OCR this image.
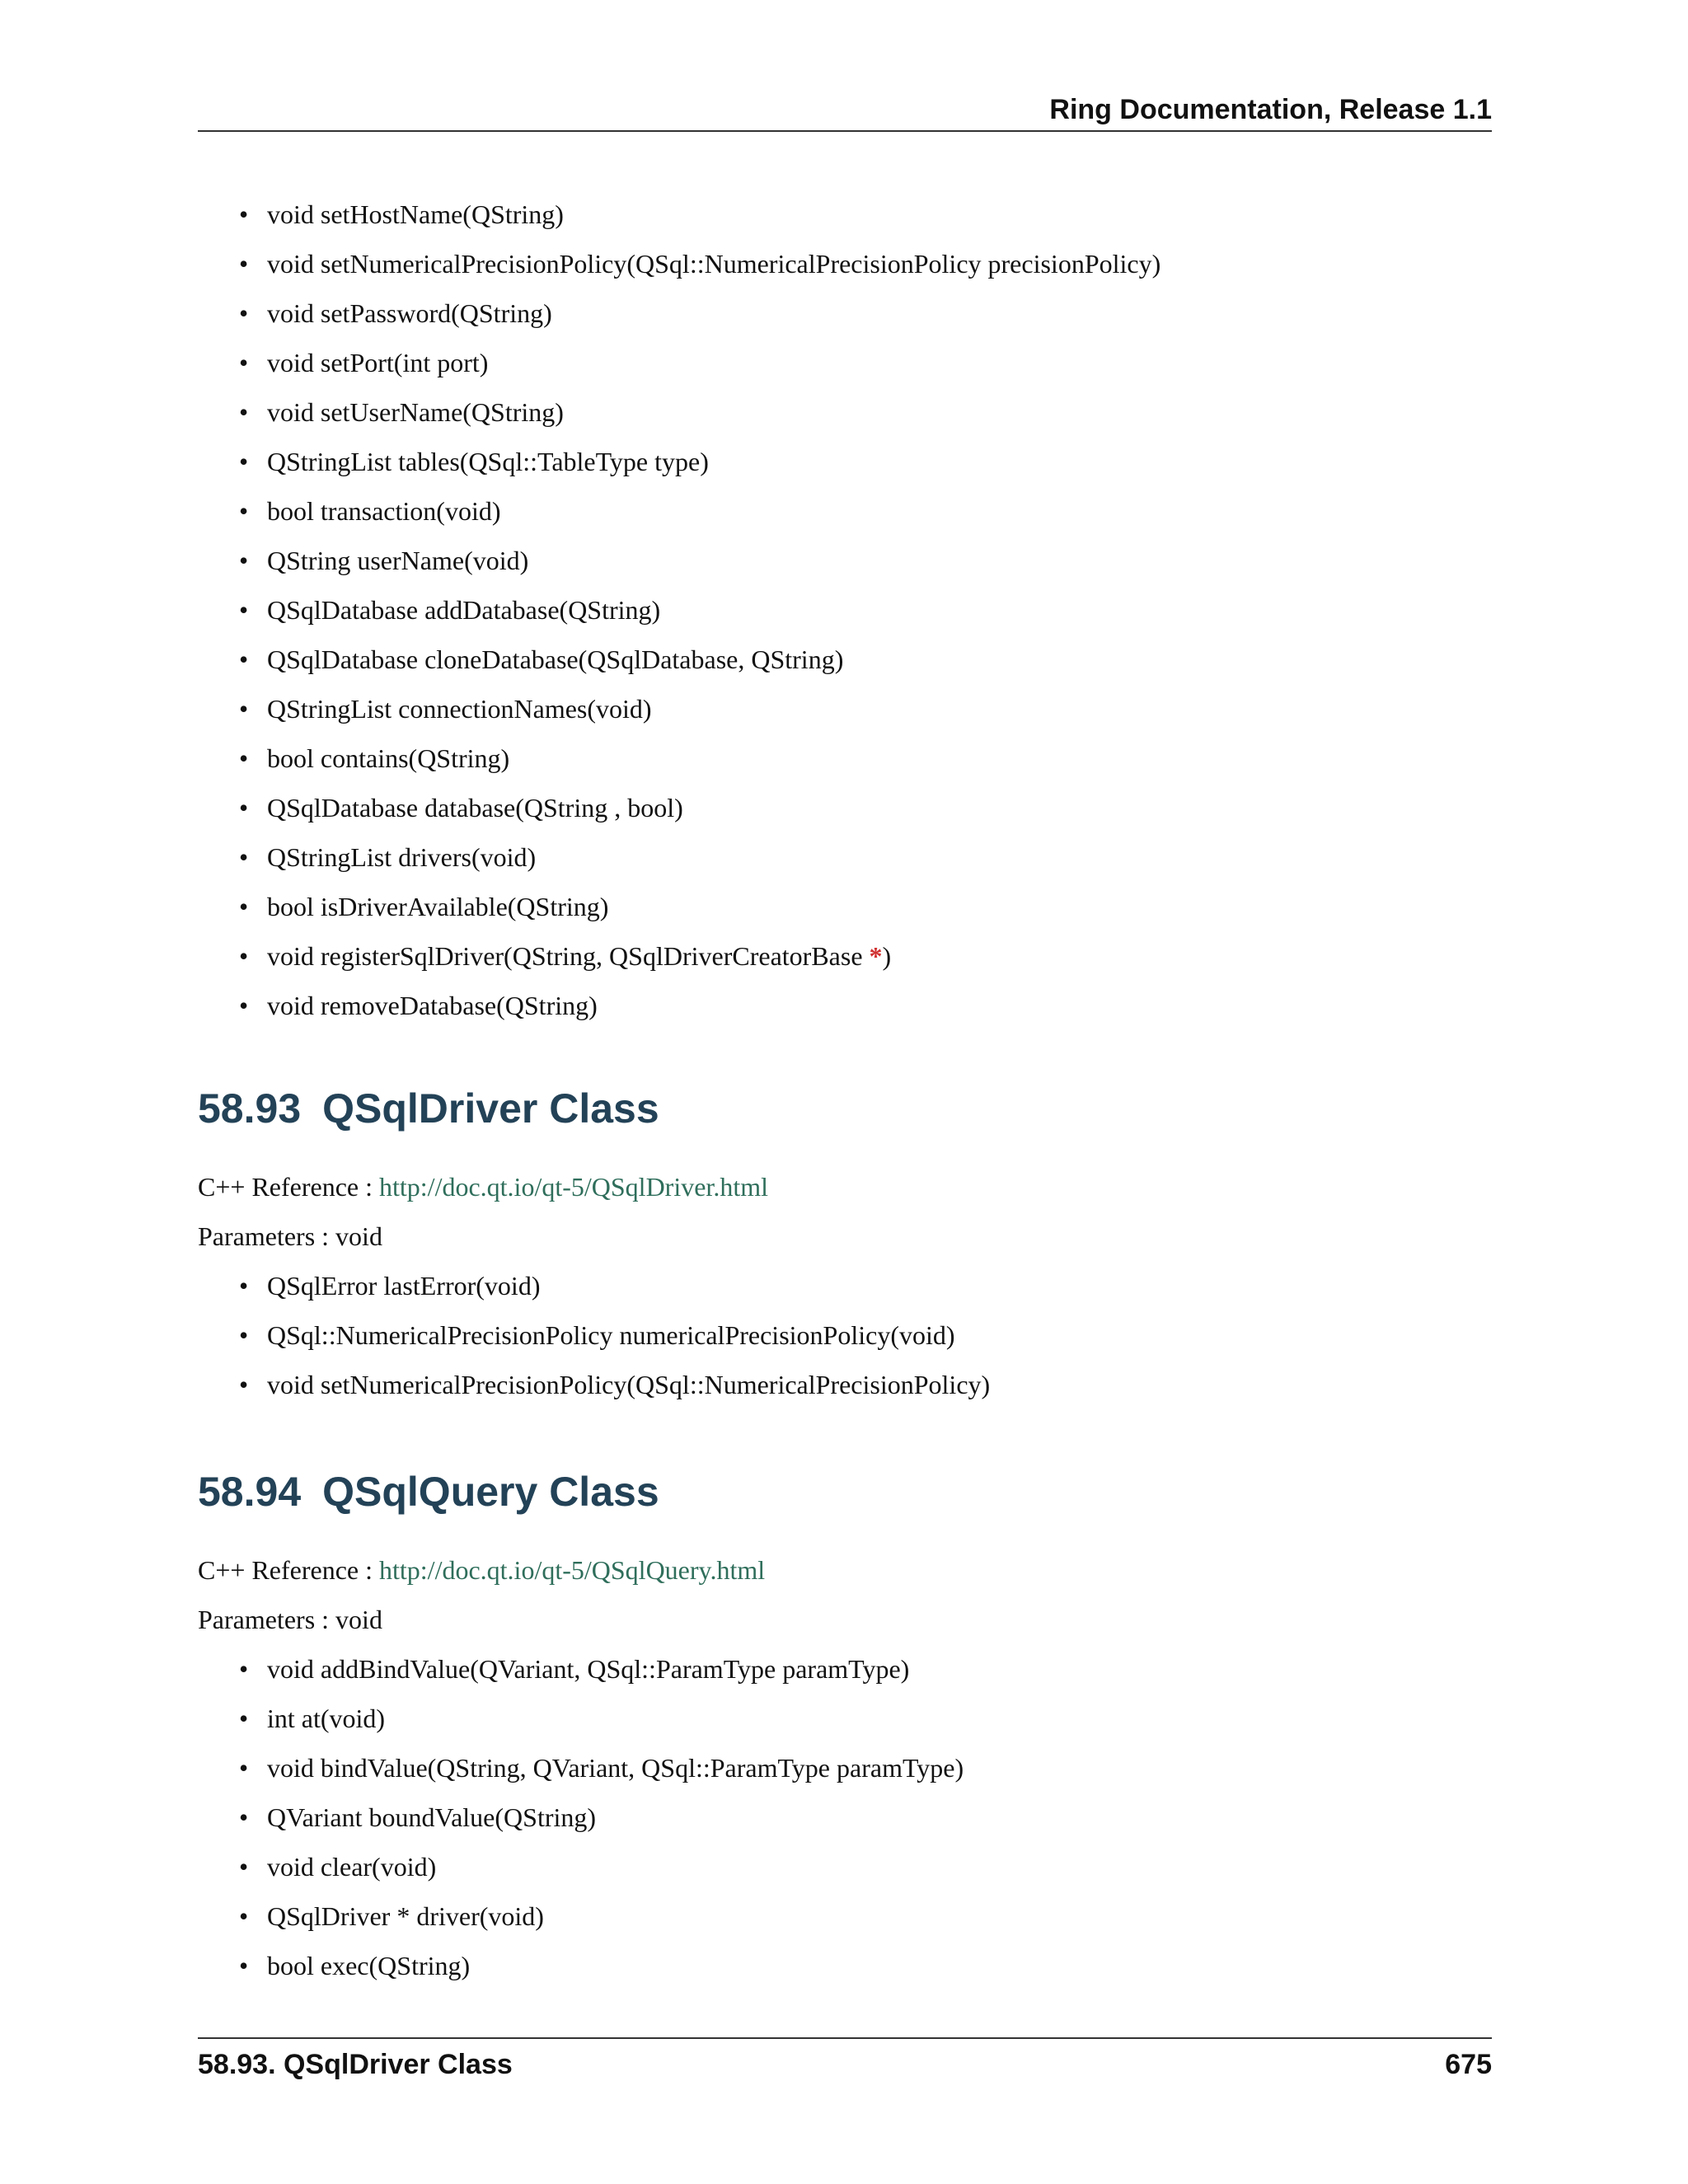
Ring Documentation, Release 1.1
• void setHostName(QString)
• void setNumericalPrecisionPolicy(QSql::NumericalPrecisionPolicy precisionPolicy)
• void setPassword(QString)
• void setPort(int port)
• void setUserName(QString)
• QStringList tables(QSql::TableType type)
• bool transaction(void)
• QString userName(void)
• QSqlDatabase addDatabase(QString)
• QSqlDatabase cloneDatabase(QSqlDatabase, QString)
• QStringList connectionNames(void)
• bool contains(QString)
• QSqlDatabase database(QString , bool)
• QStringList drivers(void)
• bool isDriverAvailable(QString)
• void registerSqlDriver(QString, QSqlDriverCreatorBase *)
• void removeDatabase(QString)
58.93 QSqlDriver Class
C++ Reference : http://doc.qt.io/qt-5/QSqlDriver.html
Parameters : void
• QSqlError lastError(void)
• QSql::NumericalPrecisionPolicy numericalPrecisionPolicy(void)
• void setNumericalPrecisionPolicy(QSql::NumericalPrecisionPolicy)
58.94 QSqlQuery Class
C++ Reference : http://doc.qt.io/qt-5/QSqlQuery.html
Parameters : void
• void addBindValue(QVariant, QSql::ParamType paramType)
• int at(void)
• void bindValue(QString, QVariant, QSql::ParamType paramType)
• QVariant boundValue(QString)
• void clear(void)
• QSqlDriver * driver(void)
• bool exec(QString)
58.93. QSqlDriver Class	675
